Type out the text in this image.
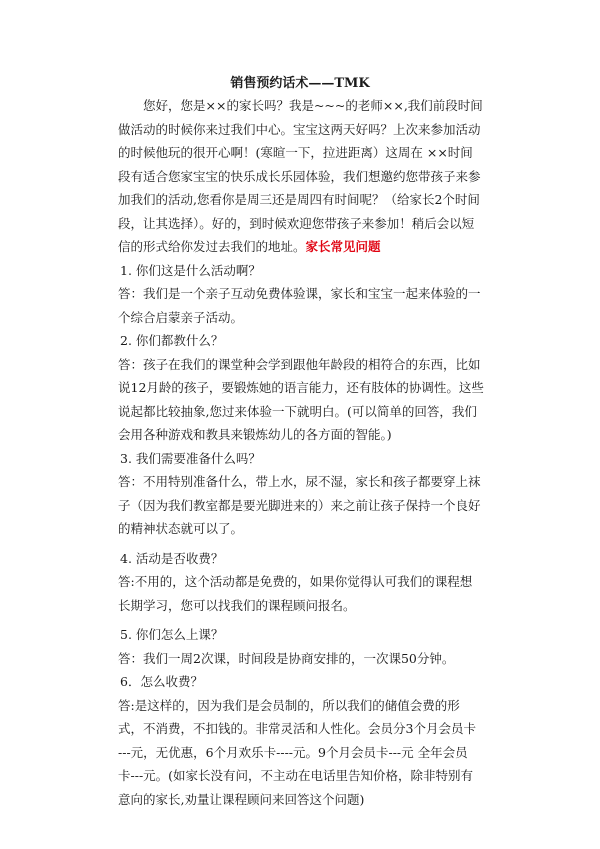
销售预约话术——TMK

您好，您是××的家长吗？我是~~~的老师××,我们前段时间做活动的时候你来过我们中心。宝宝这两天好吗？上次来参加活动的时候他玩的很开心啊！(寒暄一下，拉进距离）这周在 ××时间段有适合您家宝宝的快乐成长乐园体验，我们想邀约您带孩子来参加我们的活动,您看你是周三还是周四有时间呢？（给家长2个时间段，让其选择）。好的，到时候欢迎您带孩子来参加！稍后会以短信的形式给你发过去我们的地址。家长常见问题

1. 你们这是什么活动啊？

答：我们是一个亲子互动免费体验课，家长和宝宝一起来体验的一个综合启蒙亲子活动。

2. 你们都教什么？

答：孩子在我们的课堂种会学到跟他年龄段的相符合的东西，比如说12月龄的孩子，要锻炼她的语言能力，还有肢体的协调性。这些说起都比较抽象,您过来体验一下就明白。(可以简单的回答，我们会用各种游戏和教具来锻炼幼儿的各方面的智能。)

3. 我们需要准备什么吗？

答：不用特别准备什么，带上水，尿不湿，家长和孩子都要穿上袜子（因为我们教室都是要光脚进来的）来之前让孩子保持一个良好的精神状态就可以了。

4. 活动是否收费？

答:不用的，这个活动都是免费的，如果你觉得认可我们的课程想长期学习，您可以找我们的课程顾问报名。

5. 你们怎么上课？

答：我们一周2次课，时间段是协商安排的，一次课50分钟。

6．怎么收费？

答:是这样的，因为我们是会员制的，所以我们的储值会费的形式，不消费，不扣钱的。非常灵活和人性化。会员分3个月会员卡 ---元，无优惠，6个月欢乐卡----元。9个月会员卡---元 全年会员卡---元。(如家长没有问，不主动在电话里告知价格，除非特别有意向的家长,劝量让课程顾问来回答这个问题)
